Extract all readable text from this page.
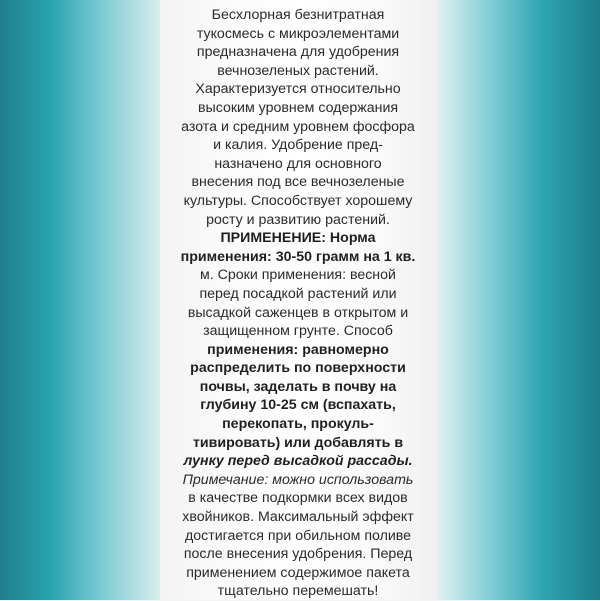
Бесхлорная безнитратная
тукосмесь с микроэлементами
предназначена для удобрения
вечнозеленых растений.
Характеризуется относительно
высоким уровнем содержания
азота и средним уровнем фосфора
и калия. Удобрение пред-
назначено для основного
внесения под все вечнозеленые
культуры. Способствует хорошему
росту и развитию растений.
ПРИМЕНЕНИЕ: Норма
применения: 30-50 грамм на 1 кв.
м. Сроки применения: весной
перед посадкой растений или
высадкой саженцев в открытом и
защищенном грунте. Способ
применения: равномерно
распределить по поверхности
почвы, заделать в почву на
глубину 10-25 см (вспахать,
перекопать, прокуль-
тивировать) или добавлять в
лунку перед высадкой рассады.
Примечание: можно использовать
в качестве подкормки всех видов
хвойников. Максимальный эффект
достигается при обильном поливе
после внесения удобрения. Перед
применением содержимое пакета
тщательно перемешать!
